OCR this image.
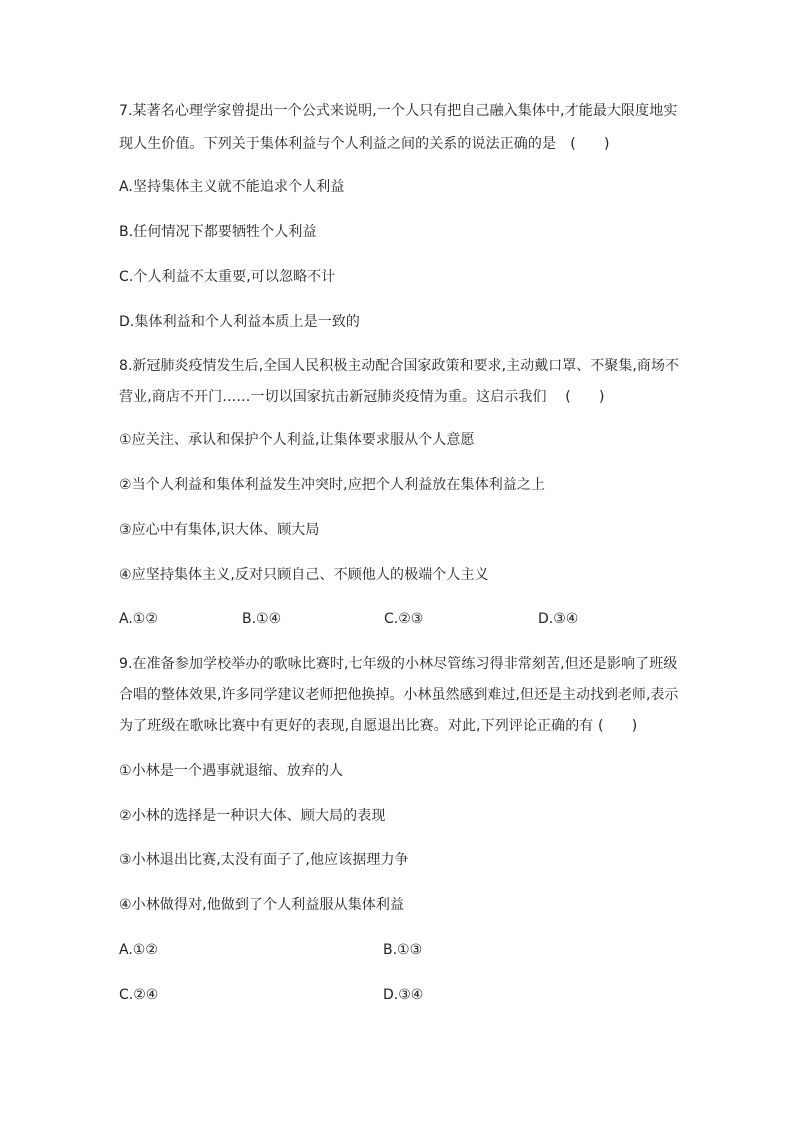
7.某著名心理学家曾提出一个公式来说明,一个人只有把自己融入集体中,才能最大限度地实
现人生价值。下列关于集体利益与个人利益之间的关系的说法正确的是　(　　)
A.坚持集体主义就不能追求个人利益
B.任何情况下都要牺牲个人利益
C.个人利益不太重要,可以忽略不计
D.集体利益和个人利益本质上是一致的
8.新冠肺炎疫情发生后,全国人民积极主动配合国家政策和要求,主动戴口罩、不聚集,商场不
营业,商店不开门……一切以国家抗击新冠肺炎疫情为重。这启示我们　 (　　)
①应关注、承认和保护个人利益,让集体要求服从个人意愿
②当个人利益和集体利益发生冲突时,应把个人利益放在集体利益之上
③应心中有集体,识大体、顾大局
④应坚持集体主义,反对只顾自己、不顾他人的极端个人主义
A.①②	B.①④	C.②③	D.③④
9.在准备参加学校举办的歌咏比赛时,七年级的小林尽管练习得非常刻苦,但还是影响了班级
合唱的整体效果,许多同学建议老师把他换掉。小林虽然感到难过,但还是主动找到老师,表示
为了班级在歌咏比赛中有更好的表现,自愿退出比赛。对此,下列评论正确的有 (　　)
①小林是一个遇事就退缩、放弃的人
②小林的选择是一种识大体、顾大局的表现
③小林退出比赛,太没有面子了,他应该据理力争
④小林做得对,他做到了个人利益服从集体利益
A.①②	B.①③
C.②④	D.③④
